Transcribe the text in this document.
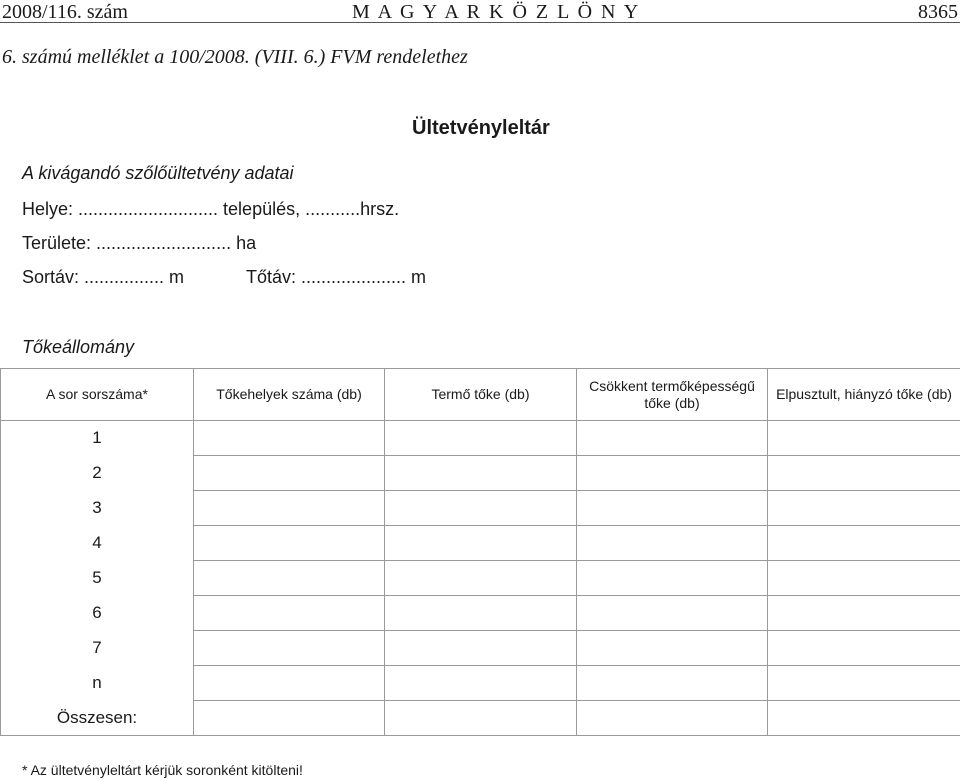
2008/116. szám	M A G Y A R K Ö Z L Ö N Y	8365
6. számú melléklet a 100/2008. (VIII. 6.) FVM rendelethez
Ültetvényleltár
A kivágandó szőlőültetvény adatai
Helye: ............................ település, ...........hrsz.
Területe: ........................... ha
Sortáv: ................ m	Tőtáv: ..................... m
Tőkeállomány
A sor sorszáma*	Tőkehelyek száma (db)	Termő tőke (db)	Csökkent termőképességű tőke (db)	Elpusztult, hiányzó tőke (db)
1				
2				
3				
4				
5				
6				
7				
n				
Összesen:				
* Az ültetvényleltárt kérjük soronként kitölteni!
